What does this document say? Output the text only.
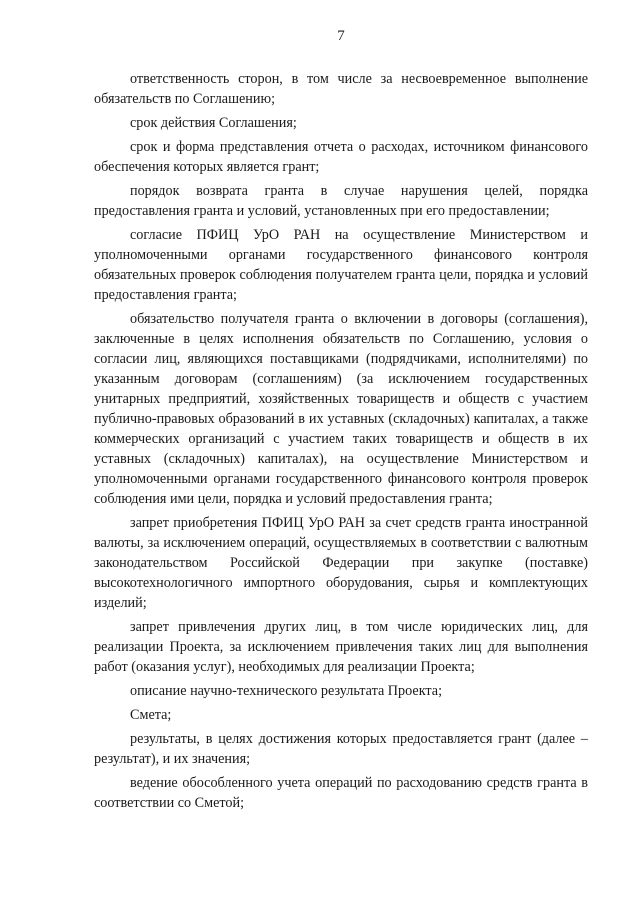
7

ответственность сторон, в том числе за несвоевременное выполнение обязательств по Соглашению;

срок действия Соглашения;

срок и форма представления отчета о расходах, источником финансового обеспечения которых является грант;

порядок возврата гранта в случае нарушения целей, порядка предоставления гранта и условий, установленных при его предоставлении;

согласие ПФИЦ УрО РАН на осуществление Министерством и уполномоченными органами государственного финансового контроля обязательных проверок соблюдения получателем гранта цели, порядка и условий предоставления гранта;

обязательство получателя гранта о включении в договоры (соглашения), заключенные в целях исполнения обязательств по Соглашению, условия о согласии лиц, являющихся поставщиками (подрядчиками, исполнителями) по указанным договорам (соглашениям) (за исключением государственных унитарных предприятий, хозяйственных товариществ и обществ с участием публично-правовых образований в их уставных (складочных) капиталах, а также коммерческих организаций с участием таких товариществ и обществ в их уставных (складочных) капиталах), на осуществление Министерством и уполномоченными органами государственного финансового контроля проверок соблюдения ими цели, порядка и условий предоставления гранта;

запрет приобретения ПФИЦ УрО РАН за счет средств гранта иностранной валюты, за исключением операций, осуществляемых в соответствии с валютным законодательством Российской Федерации при закупке (поставке) высокотехнологичного импортного оборудования, сырья и комплектующих изделий;

запрет привлечения других лиц, в том числе юридических лиц, для реализации Проекта, за исключением привлечения таких лиц для выполнения работ (оказания услуг), необходимых для реализации Проекта;

описание научно-технического результата Проекта;

Смета;

результаты, в целях достижения которых предоставляется грант (далее – результат), и их значения;

ведение обособленного учета операций по расходованию средств гранта в соответствии со Сметой;
